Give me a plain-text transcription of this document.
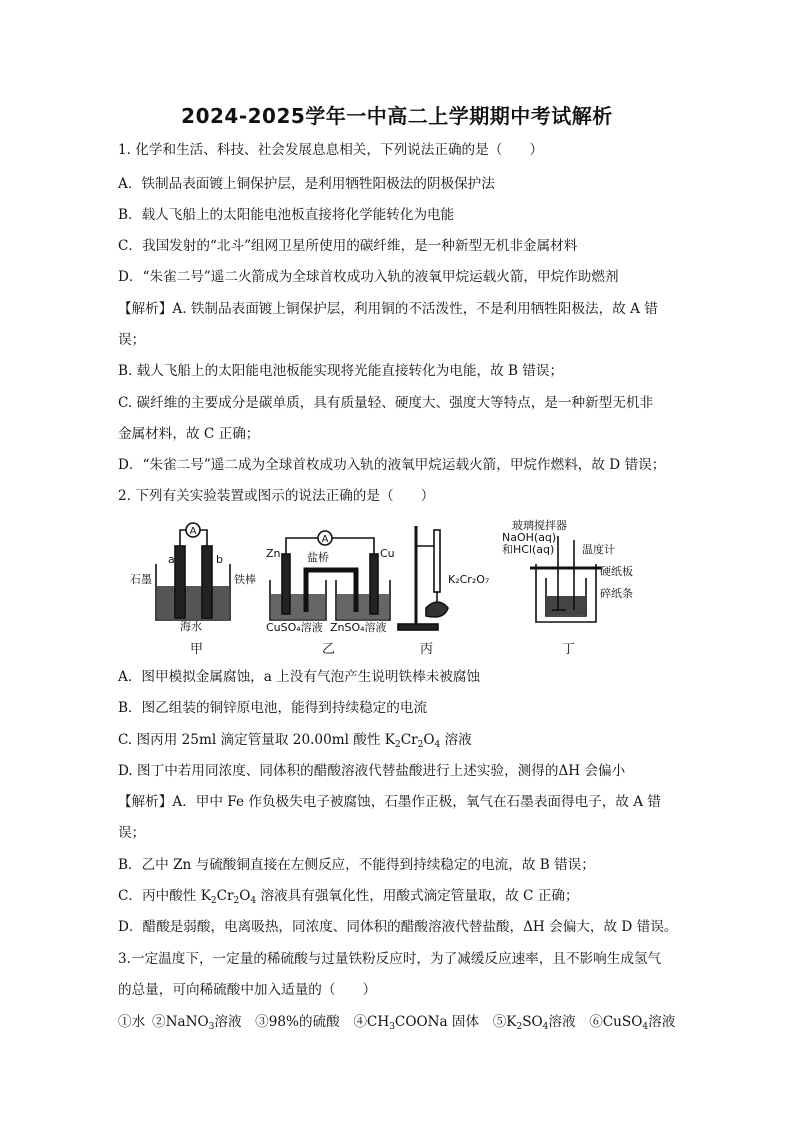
2024-2025学年一中高二上学期期中考试解析
1. 化学和生活、科技、社会发展息息相关，下列说法正确的是（　　）
A．铁制品表面镀上铜保护层，是利用牺牲阳极法的阴极保护法
B．载人飞船上的太阳能电池板直接将化学能转化为电能
C．我国发射的“北斗”组网卫星所使用的碳纤维，是一种新型无机非金属材料
D．“朱雀二号”遥二火箭成为全球首枚成功入轨的液氧甲烷运载火箭，甲烷作助燃剂
【解析】A. 铁制品表面镀上铜保护层，利用铜的不活泼性，不是利用牺牲阳极法，故 A 错
误；
B. 载人飞船上的太阳能电池板能实现将光能直接转化为电能，故 B 错误；
C. 碳纤维的主要成分是碳单质，具有质量轻、硬度大、强度大等特点，是一种新型无机非
金属材料，故 C 正确；
D．“朱雀二号”遥二成为全球首枚成功入轨的液氧甲烷运载火箭，甲烷作燃料，故 D 错误；
2. 下列有关实验装置或图示的说法正确的是（　　）
A
A
a	b
石墨	铁棒
海水
甲
Zn 盐桥	Cu
CuSO₄溶液 ZnSO₄溶液
乙
K₂Cr₂O₇
丙
玻璃搅拌器
NaOH(aq)
和HCl(aq)	温度计
硬纸板
碎纸条
丁
A．图甲模拟金属腐蚀，a 上没有气泡产生说明铁棒未被腐蚀
B．图乙组装的铜锌原电池，能得到持续稳定的电流
C. 图丙用 25ml 滴定管量取 20.00ml 酸性 $K_2Cr_2O_4$ 溶液
D. 图丁中若用同浓度、同体积的醋酸溶液代替盐酸进行上述实验，测得的ΔH 会偏小
【解析】A．甲中 Fe 作负极失电子被腐蚀，石墨作正极，氧气在石墨表面得电子，故 A 错
误；
B．乙中 Zn 与硫酸铜直接在左侧反应，不能得到持续稳定的电流，故 B 错误；
C．丙中酸性 $K_2Cr_2O_4$ 溶液具有强氧化性，用酸式滴定管量取，故 C 正确；
D．醋酸是弱酸，电离吸热，同浓度、同体积的醋酸溶液代替盐酸，ΔH 会偏大，故 D 错误。
3.一定温度下，一定量的稀硫酸与过量铁粉反应时，为了减缓反应速率，且不影响生成氢气
的总量，可向稀硫酸中加入适量的（　　）
①水  ②NaNO$_3$溶液  ③98%的硫酸  $④CH_3COONa$ 固体  $⑤K_2SO_4$溶液  ⑥CuSO$_4$溶液
